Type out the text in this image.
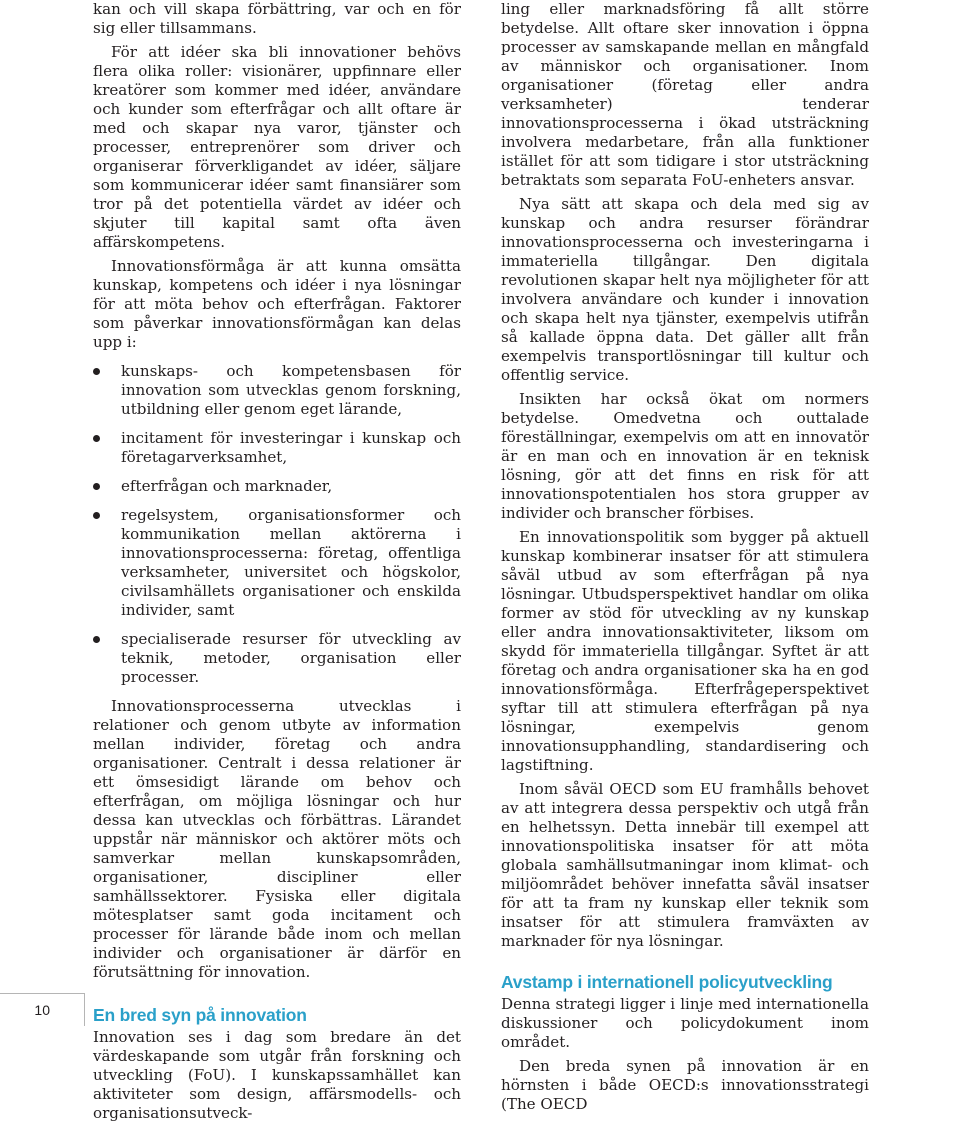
kan och vill skapa förbättring, var och en för sig eller tillsammans.

För att idéer ska bli innovationer behövs flera olika roller: visionärer, uppfinnare eller kreatörer som kommer med idéer, användare och kunder som efterfrågar och allt oftare är med och skapar nya varor, tjänster och processer, entreprenörer som driver och organiserar förverkligandet av idéer, säljare som kommunicerar idéer samt finansiärer som tror på det potentiella värdet av idéer och skjuter till kapital samt ofta även affärskompetens.

Innovationsförmåga är att kunna omsätta kunskap, kompetens och idéer i nya lösningar för att möta behov och efterfrågan. Faktorer som påverkar innovationsförmågan kan delas upp i:

kunskaps- och kompetensbasen för innovation som utvecklas genom forskning, utbildning eller genom eget lärande,
incitament för investeringar i kunskap och företagarverksamhet,
efterfrågan och marknader,
regelsystem, organisationsformer och kommunikation mellan aktörerna i innovationsprocesserna: företag, offentliga verksamheter, universitet och högskolor, civilsamhällets organisationer och enskilda individer, samt
specialiserade resurser för utveckling av teknik, metoder, organisation eller processer.

Innovationsprocesserna utvecklas i relationer och genom utbyte av information mellan individer, företag och andra organisationer. Centralt i dessa relationer är ett ömsesidigt lärande om behov och efterfrågan, om möjliga lösningar och hur dessa kan utvecklas och förbättras. Lärandet uppstår när människor och aktörer möts och samverkar mellan kunskapsområden, organisationer, discipliner eller samhällssektorer. Fysiska eller digitala mötesplatser samt goda incitament och processer för lärande både inom och mellan individer och organisationer är därför en förutsättning för innovation.

En bred syn på innovation

Innovation ses i dag som bredare än det värdeskapande som utgår från forskning och utveckling (FoU). I kunskapssamhället kan aktiviteter som design, affärsmodells- och organisationsutveck-

ling eller marknadsföring få allt större betydelse. Allt oftare sker innovation i öppna processer av samskapande mellan en mångfald av människor och organisationer. Inom organisationer (företag eller andra verksamheter) tenderar innovationsprocesserna i ökad utsträckning involvera medarbetare, från alla funktioner istället för att som tidigare i stor utsträckning betraktats som separata FoU-enheters ansvar.

Nya sätt att skapa och dela med sig av kunskap och andra resurser förändrar innovationsprocesserna och investeringarna i immateriella tillgångar. Den digitala revolutionen skapar helt nya möjligheter för att involvera användare och kunder i innovation och skapa helt nya tjänster, exempelvis utifrån så kallade öppna data. Det gäller allt från exempelvis transportlösningar till kultur och offentlig service.

Insikten har också ökat om normers betydelse. Omedvetna och outtalade föreställningar, exempelvis om att en innovatör är en man och en innovation är en teknisk lösning, gör att det finns en risk för att innovationspotentialen hos stora grupper av individer och branscher förbises.

En innovationspolitik som bygger på aktuell kunskap kombinerar insatser för att stimulera såväl utbud av som efterfrågan på nya lösningar. Utbudsperspektivet handlar om olika former av stöd för utveckling av ny kunskap eller andra innovationsaktiviteter, liksom om skydd för immateriella tillgångar. Syftet är att företag och andra organisationer ska ha en god innovationsförmåga. Efterfrågeperspektivet syftar till att stimulera efterfrågan på nya lösningar, exempelvis genom innovationsupphandling, standardisering och lagstiftning.

Inom såväl OECD som EU framhålls behovet av att integrera dessa perspektiv och utgå från en helhetssyn. Detta innebär till exempel att innovationspolitiska insatser för att möta globala samhällsutmaningar inom klimat- och miljöområdet behöver innefatta såväl insatser för att ta fram ny kunskap eller teknik som insatser för att stimulera framväxten av marknader för nya lösningar.

Avstamp i internationell policyutveckling

Denna strategi ligger i linje med internationella diskussioner och policydokument inom området.

Den breda synen på innovation är en hörnsten i både OECD:s innovationsstrategi (The OECD

10
